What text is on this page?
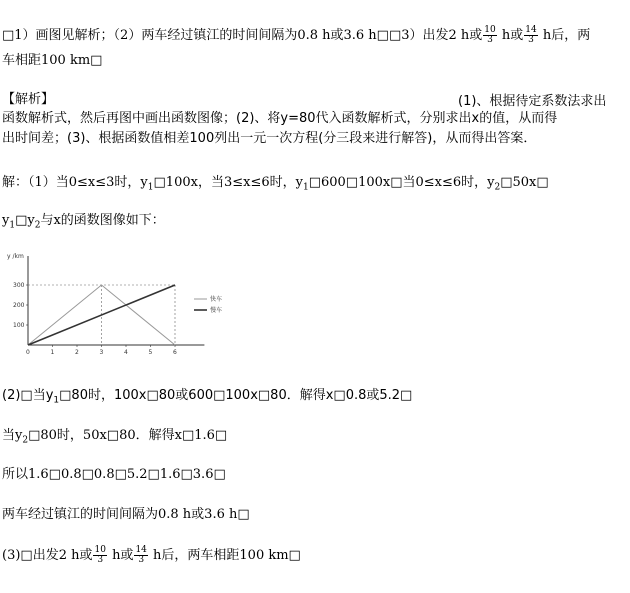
□1）画图见解析；（2）两车经过镇江的时间间隔为0.8 h或3.6 h□□3）出发2 h或 $\frac{10}{3}$ h或 $\frac{14}{3}$ h后，两
车相距100 km□
【解析】	(1)、根据待定系数法求出
函数解析式，然后再图中画出函数图像；(2)、将y=80代入函数解析式，分别求出x的值，从而得
出时间差；(3)、根据函数值相差100列出一元一次方程(分三段来进行解答)，从而得出答案．
解：（1）当0≤x≤3时，$y_1□100x$，当3≤x≤6时，$y_1□600□100x□$当0≤x≤6时，$y_2□50x□$
$y_1□y_2$与x的函数图像如下：
y /km
快车
慢车
0	1	2	3	4	5	6
100
200
300
(2)□当$y_1□80$时，100x□80或600□100x□80．解得x□0.8或5.2□
当$y_2□80$时，50x□80．解得x□1.6□
所以1.6□0.8□0.8□5.2□1.6□3.6□
两车经过镇江的时间间隔为0.8 h或3.6 h□
(3)□出发2 h或 $\frac{10}{3}$ h或 $\frac{14}{3}$ h后，两车相距100 km□
